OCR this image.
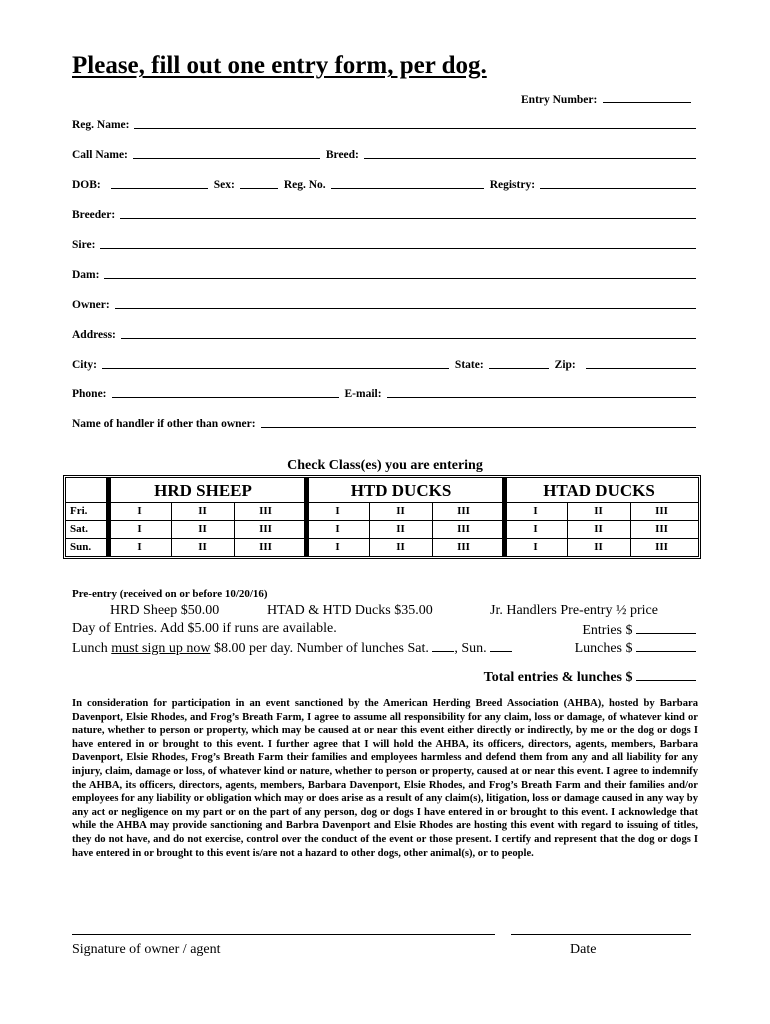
Please, fill out one entry form, per dog.
Entry Number:
Reg. Name:
Call Name:	Breed:
DOB:	Sex:	Reg. No.	Registry:
Breeder:
Sire:
Dam:
Owner:
Address:
City:	State:	Zip:
Phone:	E-mail:
Name of handler if other than owner:
Check Class(es) you are entering
HRD SHEEP	HTD DUCKS	HTAD DUCKS
Fri.	I	II	III	I	II	III	I	II	III
Sat.	I	II	III	I	II	III	I	II	III
Sun.	I	II	III	I	II	III	I	II	III
Pre-entry (received on or before 10/20/16)
HRD Sheep $50.00	HTAD & HTD Ducks $35.00	Jr. Handlers Pre-entry ½ price
Day of Entries. Add $5.00 if runs are available.	Entries $
Lunch must sign up now $8.00 per day. Number of lunches Sat. , Sun.	Lunches $
Total entries & lunches $
In consideration for participation in an event sanctioned by the American Herding Breed Association (AHBA), hosted by Barbara Davenport, Elsie Rhodes, and Frog’s Breath Farm, I agree to assume all responsibility for any claim, loss or damage, of whatever kind or nature, whether to person or property, which may be caused at or near this event either directly or indirectly, by me or the dog or dogs I have entered in or brought to this event. I further agree that I will hold the AHBA, its officers, directors, agents, members, Barbara Davenport, Elsie Rhodes, Frog’s Breath Farm their families and employees harmless and defend them from any and all liability for any injury, claim, damage or loss, of whatever kind or nature, whether to person or property, caused at or near this event. I agree to indemnify the AHBA, its officers, directors, agents, members, Barbara Davenport, Elsie Rhodes, and Frog’s Breath Farm and their families and/or employees for any liability or obligation which may or does arise as a result of any claim(s), litigation, loss or damage caused in any way by any act or negligence on my part or on the part of any person, dog or dogs I have entered in or brought to this event. I acknowledge that while the AHBA may provide sanctioning and Barbra Davenport and Elsie Rhodes are hosting this event with regard to issuing of titles, they do not have, and do not exercise, control over the conduct of the event or those present. I certify and represent that the dog or dogs I have entered in or brought to this event is/are not a hazard to other dogs, other animal(s), or to people.
Signature of owner / agent	Date
